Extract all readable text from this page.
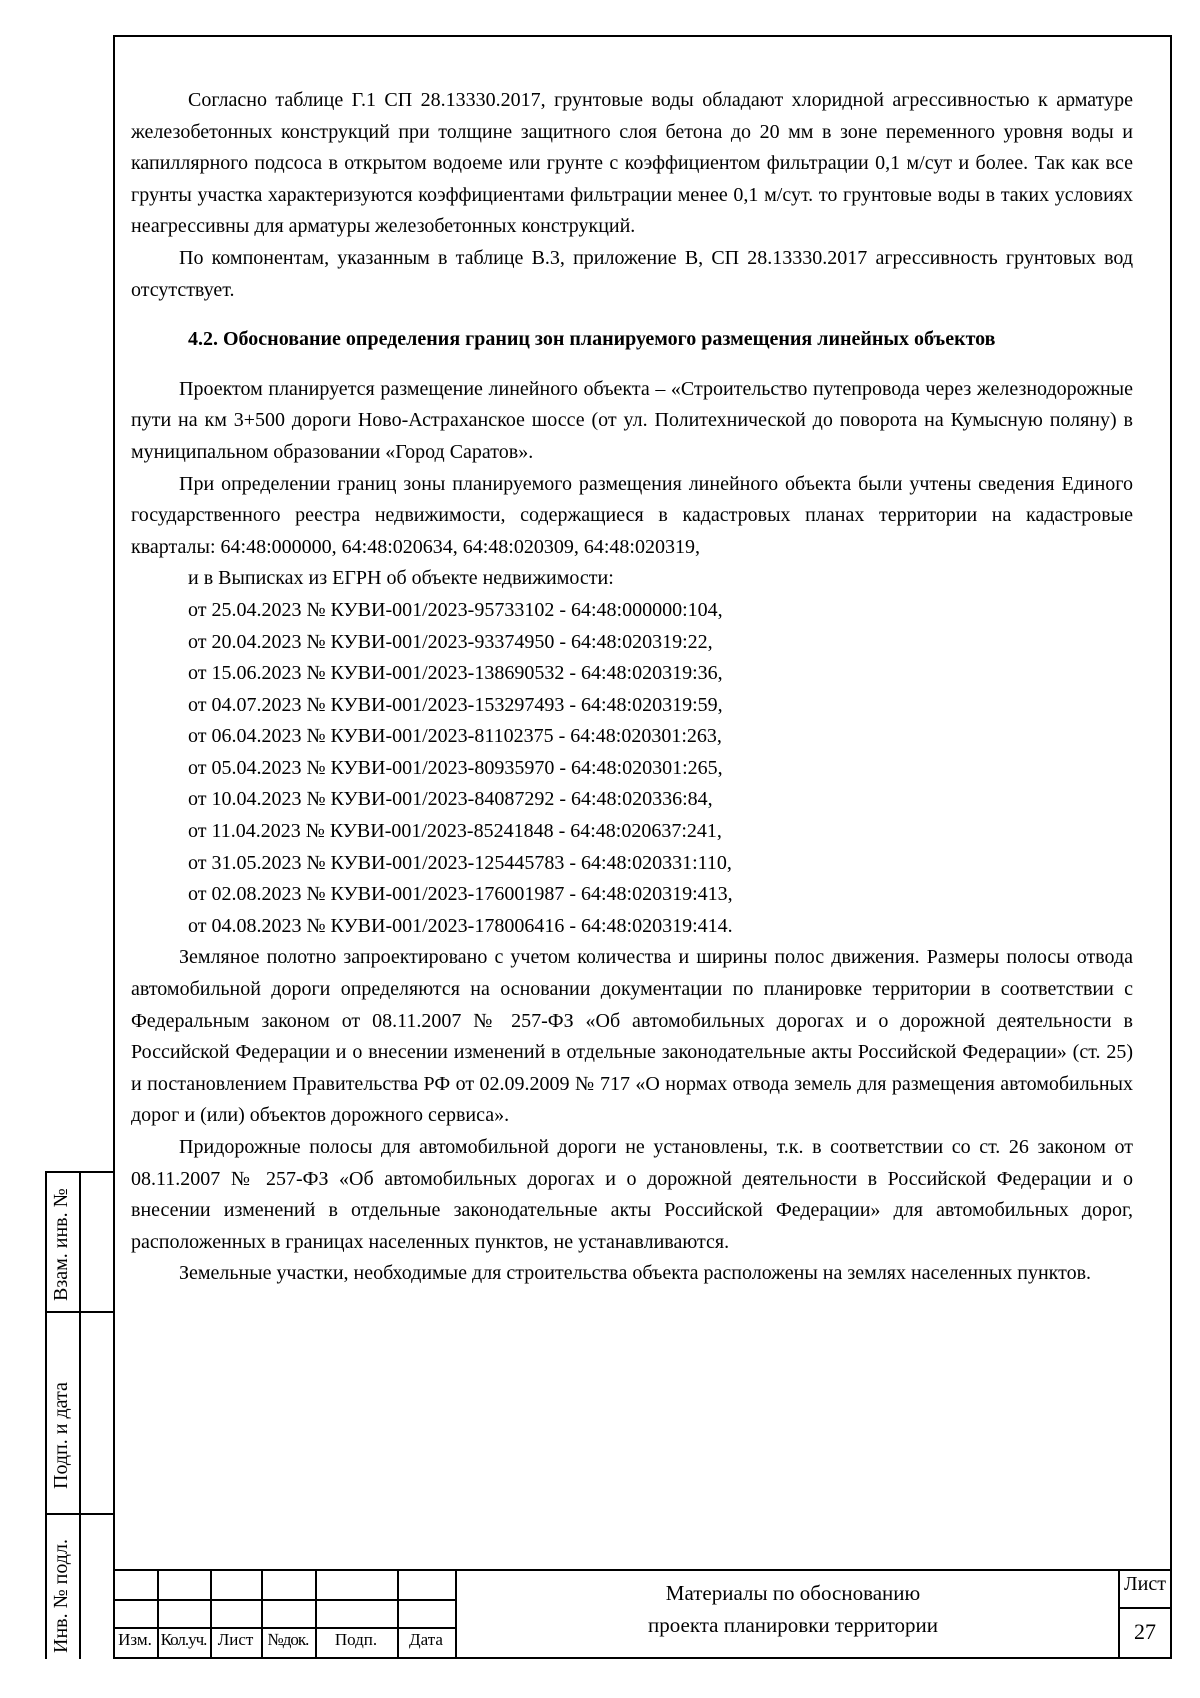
Согласно таблице Г.1 СП 28.13330.2017, грунтовые воды обладают хлоридной агрессивностью к арматуре железобетонных конструкций при толщине защитного слоя бетона до 20 мм в зоне переменного уровня воды и капиллярного подсоса в открытом водоеме или грунте с коэффициентом фильтрации 0,1 м/сут и более. Так как все грунты участка характеризуются коэффициентами фильтрации менее 0,1 м/сут. то грунтовые воды в таких условиях неагрессивны для арматуры железобетонных конструкций.

По компонентам, указанным в таблице В.3, приложение В, СП 28.13330.2017 агрессивность грунтовых вод отсутствует.

4.2. Обоснование определения границ зон планируемого размещения линейных объектов

Проектом планируется размещение линейного объекта – «Строительство путепровода через железнодорожные пути на км 3+500 дороги Ново-Астраханское шоссе (от ул. Политехнической до поворота на Кумысную поляну) в муниципальном образовании «Город Саратов».

При определении границ зоны планируемого размещения линейного объекта были учтены сведения Единого государственного реестра недвижимости, содержащиеся в кадастровых планах территории на кадастровые кварталы: 64:48:000000, 64:48:020634, 64:48:020309, 64:48:020319,

и в Выписках из ЕГРН об объекте недвижимости:

от 25.04.2023 № КУВИ-001/2023-95733102 - 64:48:000000:104,

от 20.04.2023 № КУВИ-001/2023-93374950 - 64:48:020319:22,

от 15.06.2023 № КУВИ-001/2023-138690532 - 64:48:020319:36,

от 04.07.2023 № КУВИ-001/2023-153297493 - 64:48:020319:59,

от 06.04.2023 № КУВИ-001/2023-81102375 - 64:48:020301:263,

от 05.04.2023 № КУВИ-001/2023-80935970 - 64:48:020301:265,

от 10.04.2023 № КУВИ-001/2023-84087292 - 64:48:020336:84,

от 11.04.2023 № КУВИ-001/2023-85241848 - 64:48:020637:241,

от 31.05.2023 № КУВИ-001/2023-125445783 - 64:48:020331:110,

от 02.08.2023 № КУВИ-001/2023-176001987 - 64:48:020319:413,

от 04.08.2023 № КУВИ-001/2023-178006416 - 64:48:020319:414.

Земляное полотно запроектировано с учетом количества и ширины полос движения. Размеры полосы отвода автомобильной дороги определяются на основании документации по планировке территории в соответствии с Федеральным законом от 08.11.2007 № 257-ФЗ «Об автомобильных дорогах и о дорожной деятельности в Российской Федерации и о внесении изменений в отдельные законодательные акты Российской Федерации» (ст. 25) и постановлением Правительства РФ от 02.09.2009 № 717 «О нормах отвода земель для размещения автомобильных дорог и (или) объектов дорожного сервиса».

Придорожные полосы для автомобильной дороги не установлены, т.к. в соответствии со ст. 26 законом от 08.11.2007 № 257-ФЗ «Об автомобильных дорогах и о дорожной деятельности в Российской Федерации и о внесении изменений в отдельные законодательные акты Российской Федерации» для автомобильных дорог, расположенных в границах населенных пунктов, не устанавливаются.

Земельные участки, необходимые для строительства объекта расположены на землях населенных пунктов.

Взам. инв. №
Подп. и дата
Инв. № подл.	Изм. Кол.уч. Лист №док.	Подп.	Дата
Материалы по обоснованию
проекта планировки территории
Лист
27
